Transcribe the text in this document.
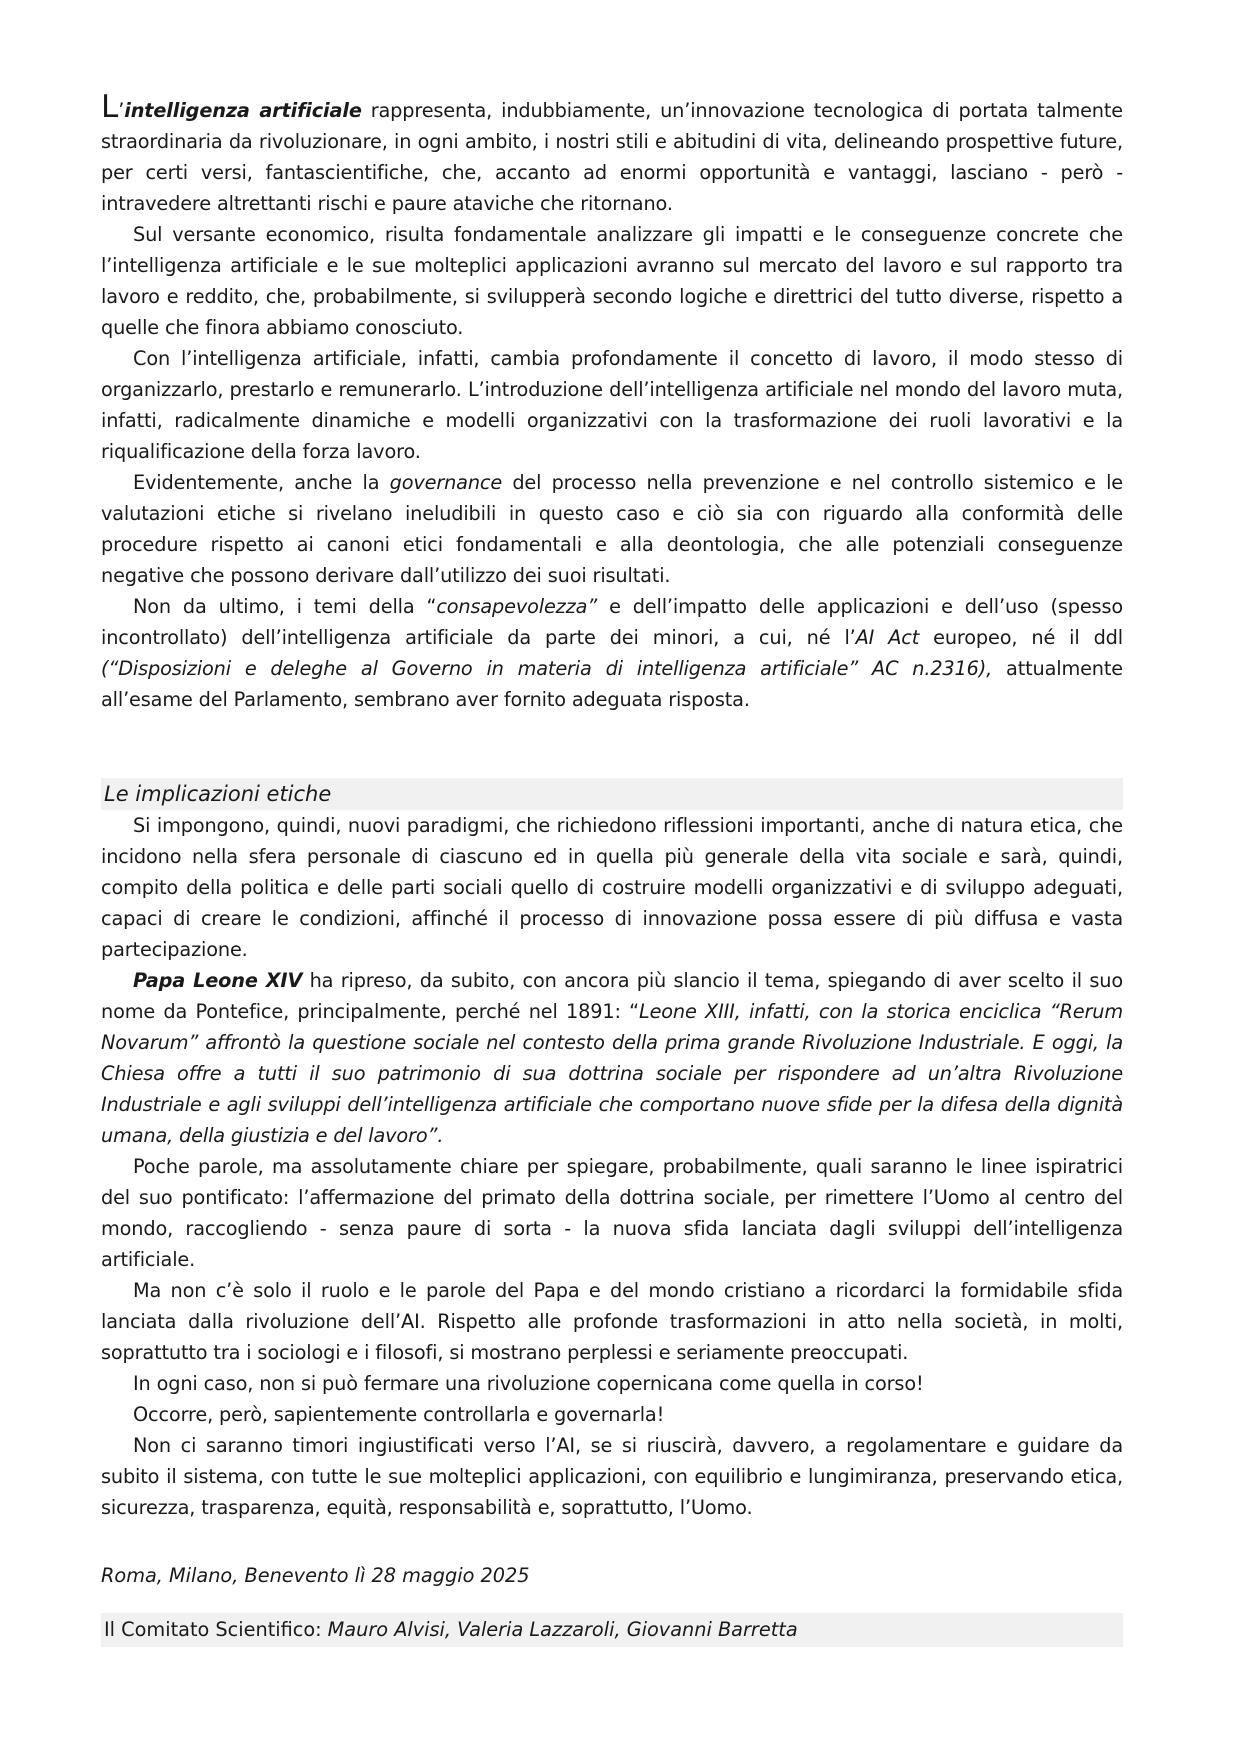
L’intelligenza artificiale rappresenta, indubbiamente, un’innovazione tecnologica di portata talmente straordinaria da rivoluzionare, in ogni ambito, i nostri stili e abitudini di vita, delineando prospettive future, per certi versi, fantascientifiche, che, accanto ad enormi opportunità e vantaggi, lasciano - però - intravedere altrettanti rischi e paure ataviche che ritornano.

Sul versante economico, risulta fondamentale analizzare gli impatti e le conseguenze concrete che l’intelligenza artificiale e le sue molteplici applicazioni avranno sul mercato del lavoro e sul rapporto tra lavoro e reddito, che, probabilmente, si svilupperà secondo logiche e direttrici del tutto diverse, rispetto a quelle che finora abbiamo conosciuto.

Con l’intelligenza artificiale, infatti, cambia profondamente il concetto di lavoro, il modo stesso di organizzarlo, prestarlo e remunerarlo. L’introduzione dell’intelligenza artificiale nel mondo del lavoro muta, infatti, radicalmente dinamiche e modelli organizzativi con la trasformazione dei ruoli lavorativi e la riqualificazione della forza lavoro.

Evidentemente, anche la governance del processo nella prevenzione e nel controllo sistemico e le valutazioni etiche si rivelano ineludibili in questo caso e ciò sia con riguardo alla conformità delle procedure rispetto ai canoni etici fondamentali e alla deontologia, che alle potenziali conseguenze negative che possono derivare dall’utilizzo dei suoi risultati.

Non da ultimo, i temi della “consapevolezza” e dell’impatto delle applicazioni e dell’uso (spesso incontrollato) dell’intelligenza artificiale da parte dei minori, a cui, né l’AI Act europeo, né il ddl (“Disposizioni e deleghe al Governo in materia di intelligenza artificiale” AC n.2316), attualmente all’esame del Parlamento, sembrano aver fornito adeguata risposta.

Le implicazioni etiche

Si impongono, quindi, nuovi paradigmi, che richiedono riflessioni importanti, anche di natura etica, che incidono nella sfera personale di ciascuno ed in quella più generale della vita sociale e sarà, quindi, compito della politica e delle parti sociali quello di costruire modelli organizzativi e di sviluppo adeguati, capaci di creare le condizioni, affinché il processo di innovazione possa essere di più diffusa e vasta partecipazione.

Papa Leone XIV ha ripreso, da subito, con ancora più slancio il tema, spiegando di aver scelto il suo nome da Pontefice, principalmente, perché nel 1891: “Leone XIII, infatti, con la storica enciclica “Rerum Novarum” affrontò la questione sociale nel contesto della prima grande Rivoluzione Industriale. E oggi, la Chiesa offre a tutti il suo patrimonio di sua dottrina sociale per rispondere ad un’altra Rivoluzione Industriale e agli sviluppi dell’intelligenza artificiale che comportano nuove sfide per la difesa della dignità umana, della giustizia e del lavoro”.

Poche parole, ma assolutamente chiare per spiegare, probabilmente, quali saranno le linee ispiratrici del suo pontificato: l’affermazione del primato della dottrina sociale, per rimettere l’Uomo al centro del mondo, raccogliendo - senza paure di sorta - la nuova sfida lanciata dagli sviluppi dell’intelligenza artificiale.

Ma non c’è solo il ruolo e le parole del Papa e del mondo cristiano a ricordarci la formidabile sfida lanciata dalla rivoluzione dell’AI. Rispetto alle profonde trasformazioni in atto nella società, in molti, soprattutto tra i sociologi e i filosofi, si mostrano perplessi e seriamente preoccupati.

In ogni caso, non si può fermare una rivoluzione copernicana come quella in corso!

Occorre, però, sapientemente controllarla e governarla!

Non ci saranno timori ingiustificati verso l’AI, se si riuscirà, davvero, a regolamentare e guidare da subito il sistema, con tutte le sue molteplici applicazioni, con equilibrio e lungimiranza, preservando etica, sicurezza, trasparenza, equità, responsabilità e, soprattutto, l’Uomo.

Roma, Milano, Benevento lì 28 maggio 2025
Il Comitato Scientifico: Mauro Alvisi, Valeria Lazzaroli, Giovanni Barretta
